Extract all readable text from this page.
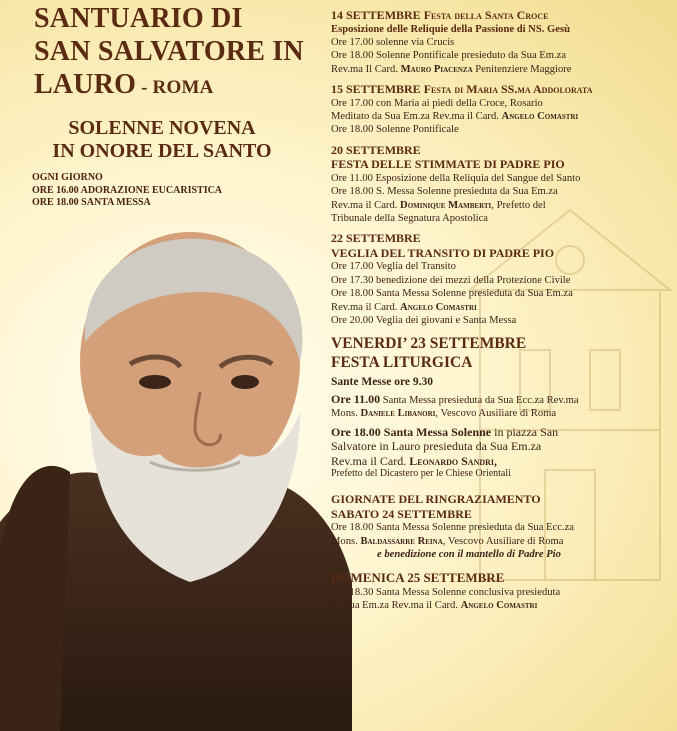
SANTUARIO DI
SAN SALVATORE IN
LAURO - ROMA
SOLENNE NOVENA
IN ONORE DEL SANTO
OGNI GIORNO
ORE 16.00 ADORAZIONE EUCARISTICA
ORE 18.00 SANTA MESSA
14 SETTEMBRE Festa della Santa Croce
Esposizione delle Reliquie della Passione di NS. Gesù
Ore 17.00 solenne via Crucis
Ore 18.00 Solenne Pontificale presieduto da Sua Em.za
Rev.ma Il Card. Mauro Piacenza Penitenziere Maggiore
15 SETTEMBRE Festa di Maria SS.ma Addolorata
Ore 17.00 con Maria ai piedi della Croce, Rosario
Meditato da Sua Em.za Rev.ma il Card. Angelo Comastri
Ore 18.00 Solenne Pontificale
20 SETTEMBRE
FESTA DELLE STIMMATE DI PADRE PIO
Ore 11.00 Esposizione della Reliquia del Sangue del Santo
Ore 18.00 S. Messa Solenne presieduta da Sua Em.za
Rev.ma il Card. Dominique Mamberti, Prefetto del
Tribunale della Segnatura Apostolica
22 SETTEMBRE
VEGLIA DEL TRANSITO DI PADRE PIO
Ore 17.00 Veglia del Transito
Ore 17.30 benedizione dei mezzi della Protezione Civile
Ore 18.00 Santa Messa Solenne presieduta da Sua Em.za
Rev.ma il Card. Angelo Comastri
Ore 20.00 Veglia dei giovani e Santa Messa
VENERDI’ 23 SETTEMBRE
FESTA LITURGICA
Sante Messe ore 9.30
Ore 11.00 Santa Messa presieduta da Sua Ecc.za Rev.ma
Mons. Daniele Libanori, Vescovo Ausiliare di Roma
Ore 18.00 Santa Messa Solenne in piazza San
Salvatore in Lauro presieduta da Sua Em.za
Rev.ma il Card. Leonardo Sandri,
Prefetto del Dicastero per le Chiese Orientali
GIORNATE DEL RINGRAZIAMENTO
SABATO 24 SETTEMBRE
Ore 18.00 Santa Messa Solenne presieduta da Sua Ecc.za
Mons. Baldassarre Reina, Vescovo Ausiliare di Roma
e benedizione con il mantello di Padre Pio
DOMENICA 25 SETTEMBRE
Ore 18.30 Santa Messa Solenne conclusiva presieduta
da Sua Em.za Rev.ma il Card. Angelo Comastri
